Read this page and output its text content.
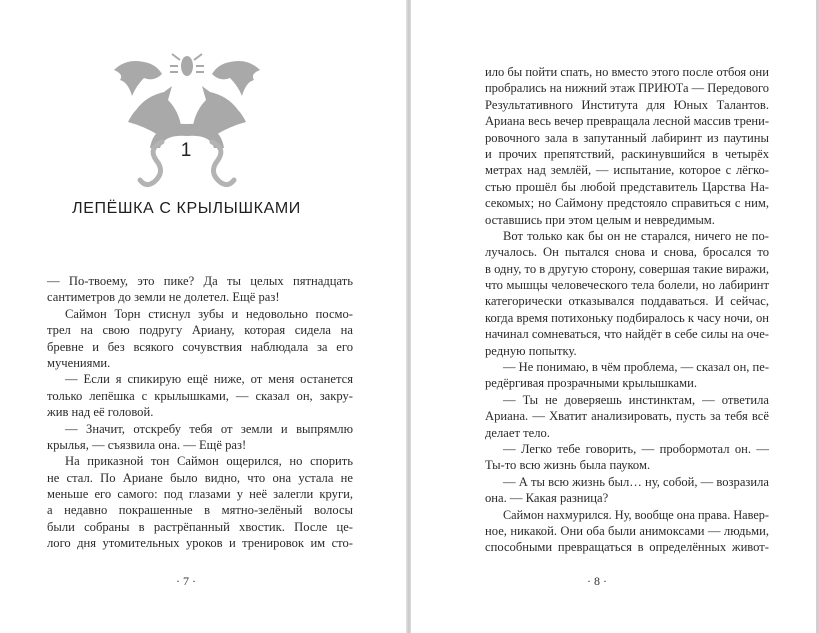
1
ЛЕПЁШКА С КРЫЛЫШКАМИ
— По-твоему, это пике? Да ты целых пятнадцать
сантиметров до земли не долетел. Ещё раз!
Саймон Торн стиснул зубы и недовольно посмо-
трел на свою подругу Ариану, которая сидела на
бревне и без всякого сочувствия наблюдала за его
мучениями.
— Если я спикирую ещё ниже, от меня останется
только лепёшка с крылышками, — сказал он, закру-
жив над её головой.
— Значит, отскребу тебя от земли и выпрямлю
крылья, — съязвила она. — Ещё раз!
На приказной тон Саймон ощерился, но спорить
не стал. По Ариане было видно, что она устала не
меньше его самого: под глазами у неё залегли круги,
а недавно покрашенные в мятно-зелёный волосы
были собраны в растрёпанный хвостик. После це-
лого дня утомительных уроков и тренировок им сто-
· 7 ·
ило бы пойти спать, но вместо этого после отбоя они
пробрались на нижний этаж ПРИЮТа — Передового
Результативного Института для Юных Талантов.
Ариана весь вечер превращала лесной массив трени-
ровочного зала в запутанный лабиринт из паутины
и прочих препятствий, раскинувшийся в четырёх
метрах над землёй, — испытание, которое с лёгко-
стью прошёл бы любой представитель Царства На-
секомых; но Саймону предстояло справиться с ним,
оставшись при этом целым и невредимым.
Вот только как бы он не старался, ничего не по-
лучалось. Он пытался снова и снова, бросался то
в одну, то в другую сторону, совершая такие виражи,
что мышцы человеческого тела болели, но лабиринт
категорически отказывался поддаваться. И сейчас,
когда время потихоньку подбиралось к часу ночи, он
начинал сомневаться, что найдёт в себе силы на оче-
редную попытку.
— Не понимаю, в чём проблема, — сказал он, пе-
редёргивая прозрачными крылышками.
— Ты не доверяешь инстинктам, — ответила
Ариана. — Хватит анализировать, пусть за тебя всё
делает тело.
— Легко тебе говорить, — пробормотал он. —
Ты-то всю жизнь была пауком.
— А ты всю жизнь был… ну, собой, — возразила
она. — Какая разница?
Саймон нахмурился. Ну, вообще она права. Навер-
ное, никакой. Они оба были анимоксами — людьми,
способными превращаться в определённых живот-
· 8 ·
